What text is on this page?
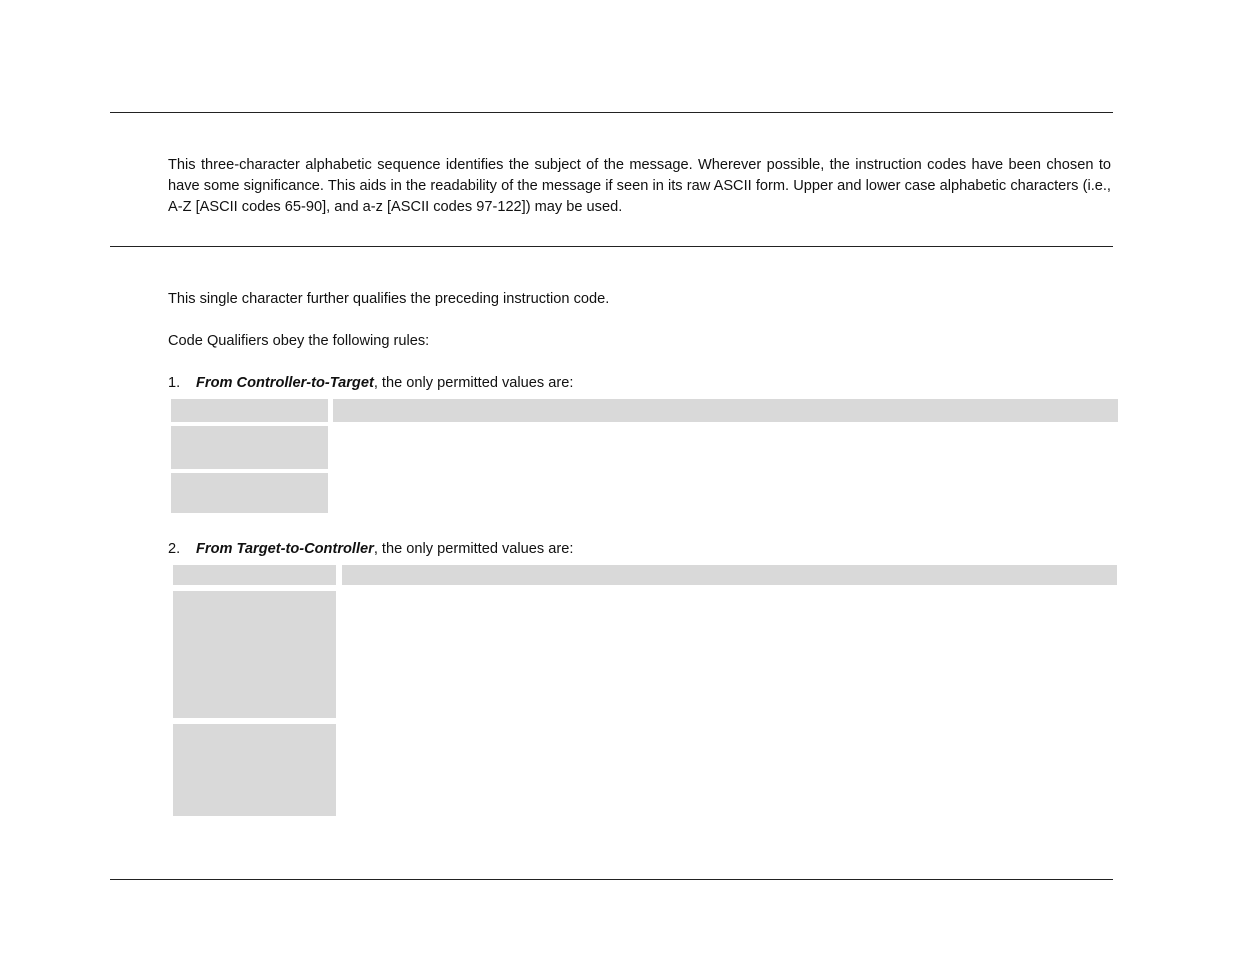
This three-character alphabetic sequence identifies the subject of the message. Wherever possible, the instruction codes have been chosen to have some significance. This aids in the readability of the message if seen in its raw ASCII form. Upper and lower case alphabetic characters (i.e., A-Z [ASCII codes 65-90], and a-z [ASCII codes 97-122]) may be used.

This single character further qualifies the preceding instruction code.

Code Qualifiers obey the following rules:

1. From Controller-to-Target, the only permitted values are:
2. From Target-to-Controller, the only permitted values are:
